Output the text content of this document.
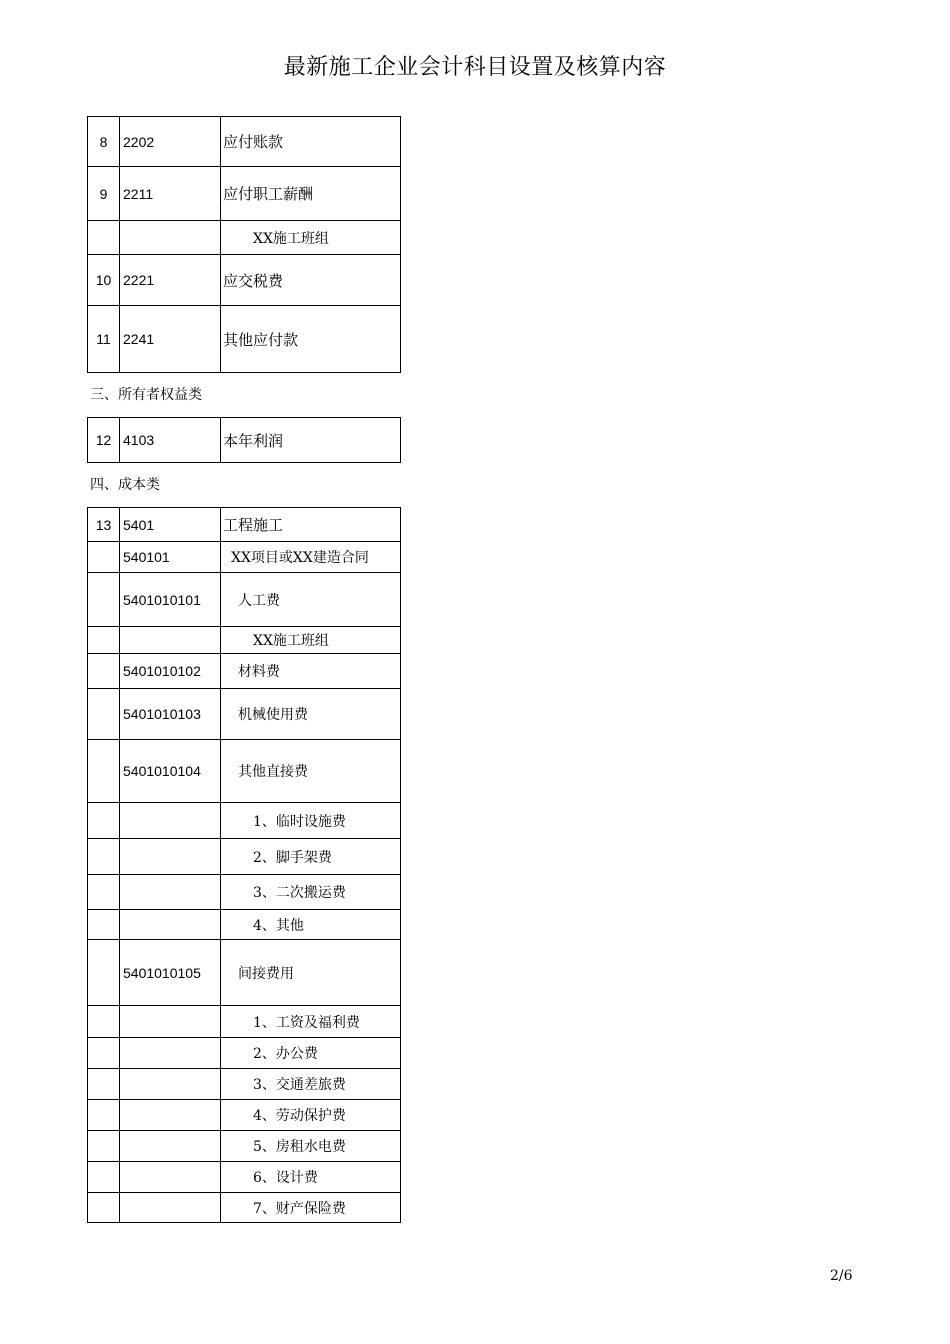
最新施工企业会计科目设置及核算内容
8	2202	应付账款
9	2211	应付职工薪酬
		XX施工班组
10	2221	应交税费
11	2241	其他应付款
三、所有者权益类
12	4103	本年利润
四、成本类
13	5401	工程施工
	540101	XX项目或XX建造合同
	5401010101	人工费
		XX施工班组
	5401010102	材料费
	5401010103	机械使用费
	5401010104	其他直接费
		1、临时设施费
		2、脚手架费
		3、二次搬运费
		4、其他
	5401010105	间接费用
		1、工资及福利费
		2、办公费
		3、交通差旅费
		4、劳动保护费
		5、房租水电费
		6、设计费
		7、财产保险费
2/6
